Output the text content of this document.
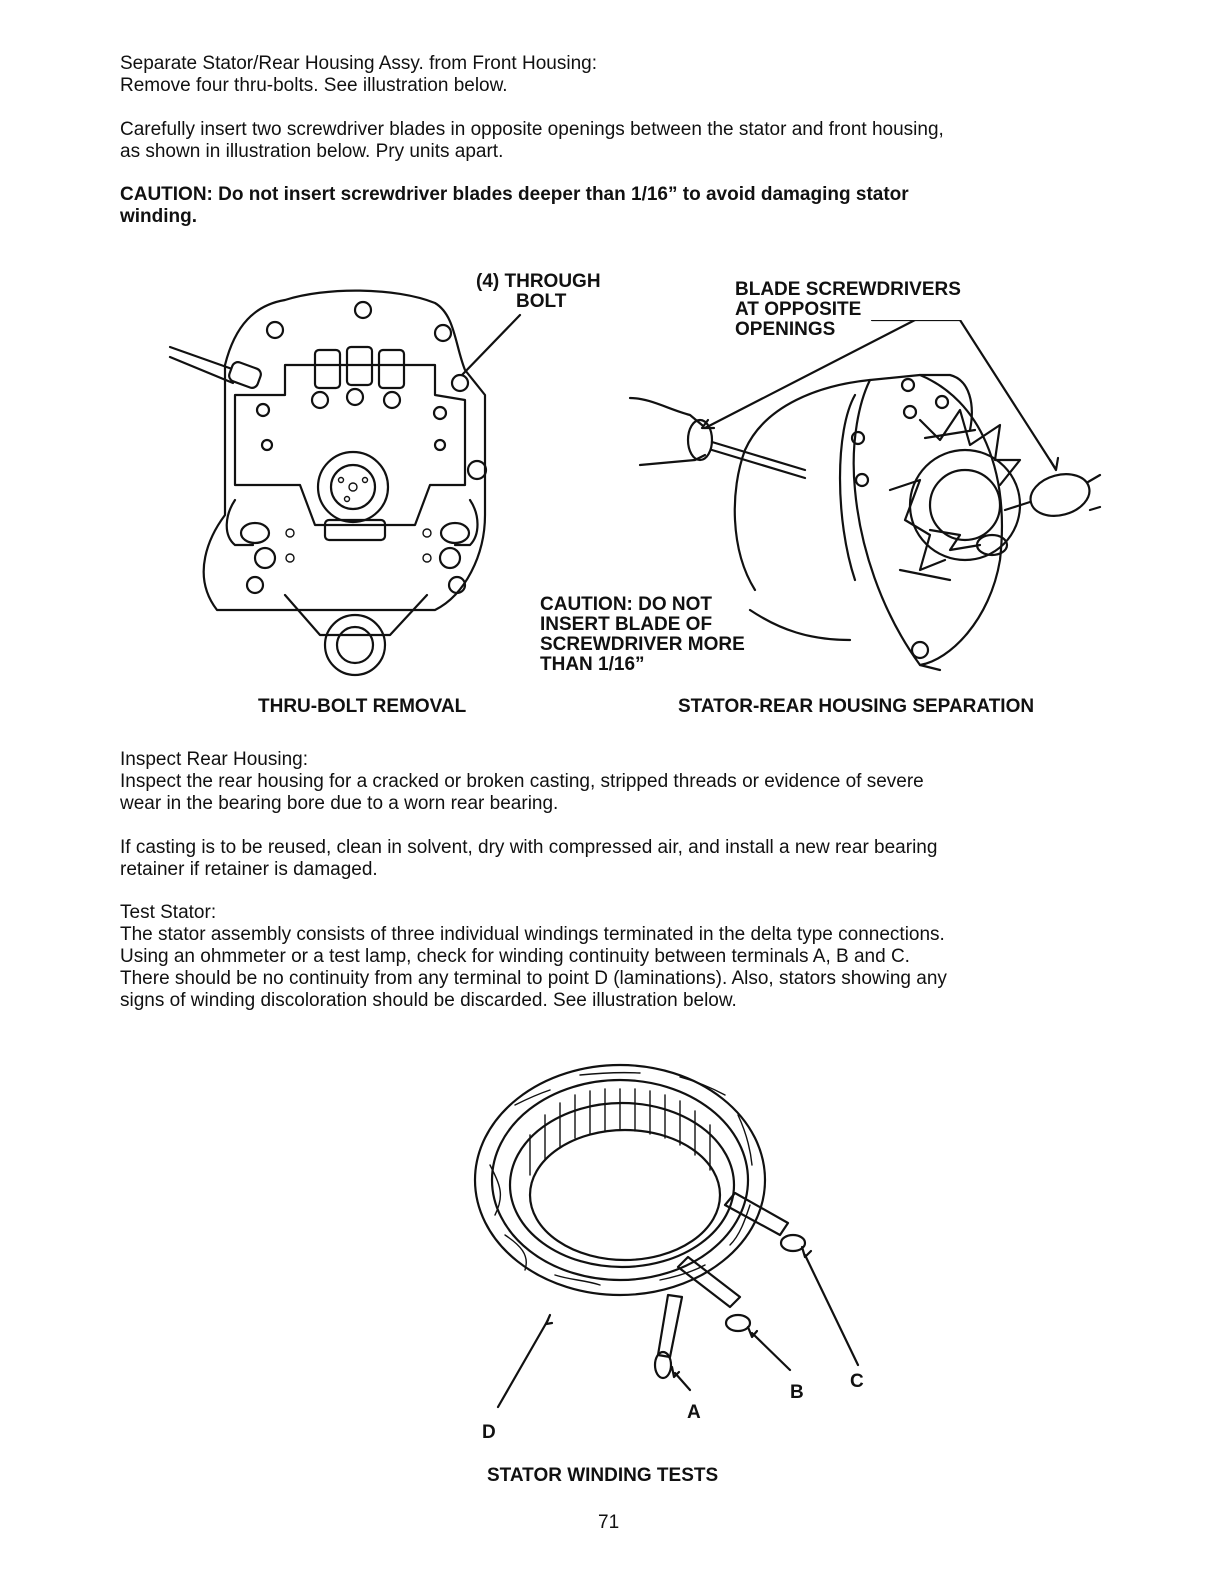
Separate Stator/Rear Housing Assy. from Front Housing:
Remove four thru-bolts. See illustration below.

Carefully insert two screwdriver blades in opposite openings between the stator and front housing,
as shown in illustration below. Pry units apart.

CAUTION: Do not insert screwdriver blades deeper than 1/16” to avoid damaging stator
winding.

(4) THROUGH
BOLT

THRU-BOLT REMOVAL

BLADE SCREWDRIVERS
AT OPPOSITE
OPENINGS

CAUTION: DO NOT
INSERT BLADE OF
SCREWDRIVER MORE
THAN 1/16”

STATOR-REAR HOUSING SEPARATION

Inspect Rear Housing:

Inspect the rear housing for a cracked or broken casting, stripped threads or evidence of severe
wear in the bearing bore due to a worn rear bearing.

If casting is to be reused, clean in solvent, dry with compressed air, and install a new rear bearing
retainer if retainer is damaged.

Test Stator:

The stator assembly consists of three individual windings terminated in the delta type connections.
Using an ohmmeter or a test lamp, check for winding continuity between terminals A, B and C.
There should be no continuity from any terminal to point D (laminations). Also, stators showing any
signs of winding discoloration should be discarded. See illustration below.

A

B

C

D

STATOR WINDING TESTS

71
